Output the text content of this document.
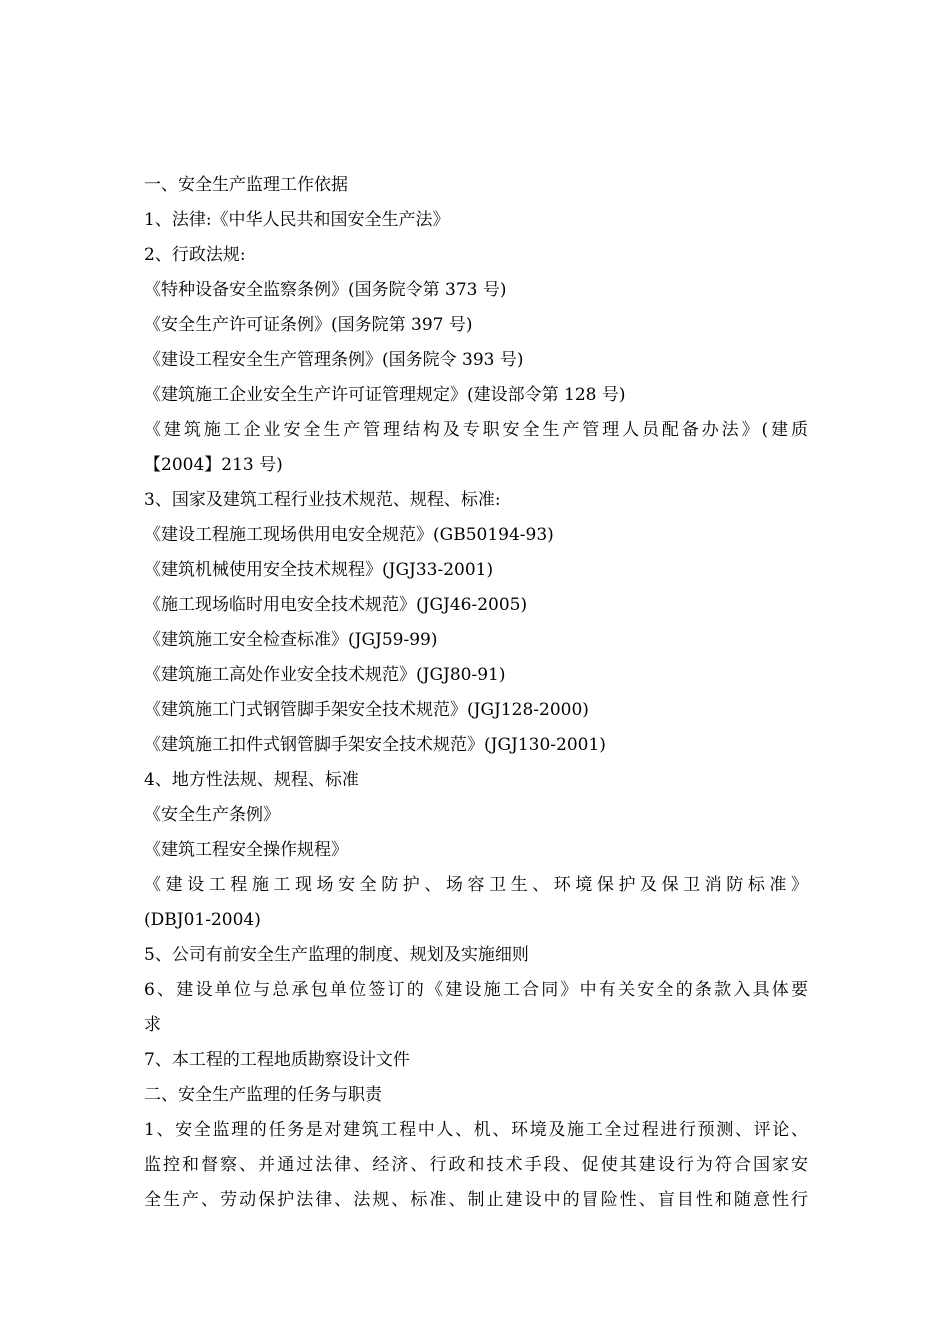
一、安全生产监理工作依据
1、法律:《中华人民共和国安全生产法》
2、行政法规:
《特种设备安全监察条例》(国务院令第 373 号)
《安全生产许可证条例》(国务院第 397 号)
《建设工程安全生产管理条例》(国务院令 393 号)
《建筑施工企业安全生产许可证管理规定》(建设部令第 128 号)
《建筑施工企业安全生产管理结构及专职安全生产管理人员配备办法》(建质
【2004】213 号)
3、国家及建筑工程行业技术规范、规程、标准:
《建设工程施工现场供用电安全规范》(GB50194-93)
《建筑机械使用安全技术规程》(JGJ33-2001)
《施工现场临时用电安全技术规范》(JGJ46-2005)
《建筑施工安全检查标准》(JGJ59-99)
《建筑施工高处作业安全技术规范》(JGJ80-91)
《建筑施工门式钢管脚手架安全技术规范》(JGJ128-2000)
《建筑施工扣件式钢管脚手架安全技术规范》(JGJ130-2001)
4、地方性法规、规程、标准
《安全生产条例》
《建筑工程安全操作规程》
《建设工程施工现场安全防护、场容卫生、环境保护及保卫消防标准》
(DBJ01-2004)
5、公司有前安全生产监理的制度、规划及实施细则
6、建设单位与总承包单位签订的《建设施工合同》中有关安全的条款入具体要
求
7、本工程的工程地质勘察设计文件
二、安全生产监理的任务与职责
1、安全监理的任务是对建筑工程中人、机、环境及施工全过程进行预测、评论、
监控和督察、并通过法律、经济、行政和技术手段、促使其建设行为符合国家安
全生产、劳动保护法律、法规、标准、制止建设中的冒险性、盲目性和随意性行
